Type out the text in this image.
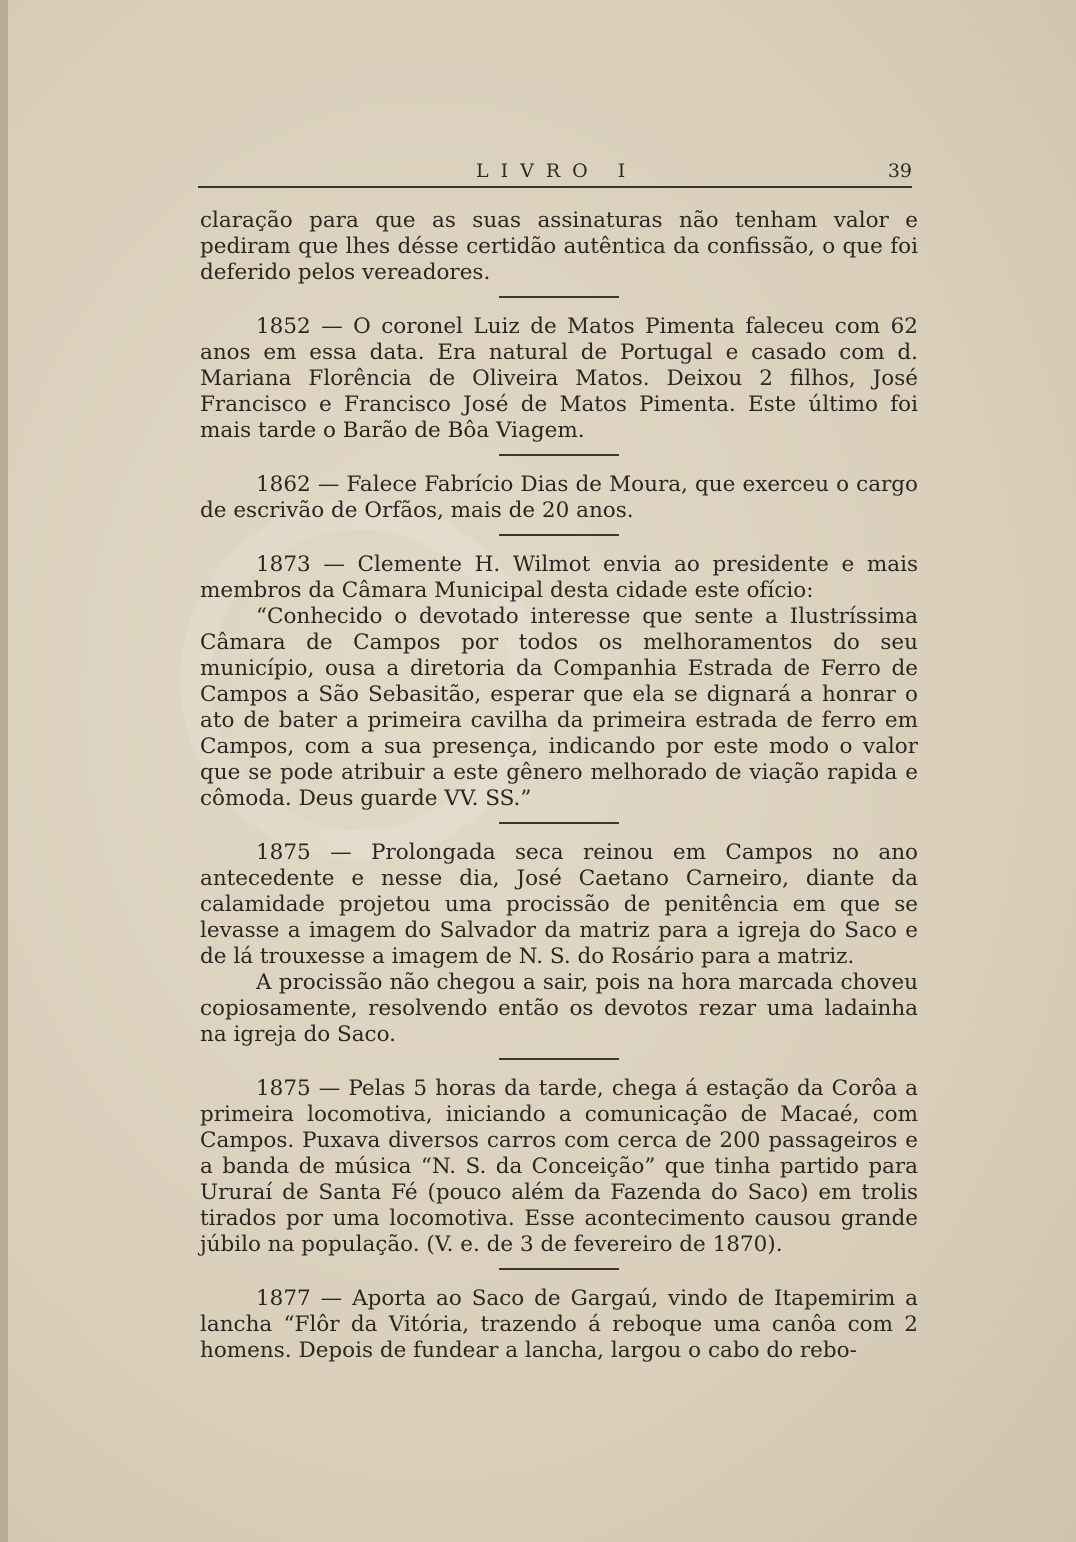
LIVRO I	39

claração para que as suas assinaturas não tenham valor e pediram que lhes désse certidão autêntica da confissão, o que foi deferido pelos vereadores.

1852 — O coronel Luiz de Matos Pimenta faleceu com 62 anos em essa data. Era natural de Portugal e casado com d. Mariana Florência de Oliveira Matos. Deixou 2 filhos, José Francisco e Francisco José de Matos Pimenta. Este último foi mais tarde o Barão de Bôa Viagem.

1862 — Falece Fabrício Dias de Moura, que exerceu o cargo de escrivão de Orfãos, mais de 20 anos.

1873 — Clemente H. Wilmot envia ao presidente e mais membros da Câmara Municipal desta cidade este ofício:

“Conhecido o devotado interesse que sente a Ilustríssima Câmara de Campos por todos os melhoramentos do seu município, ousa a diretoria da Companhia Estrada de Ferro de Campos a São Sebasitão, esperar que ela se dignará a honrar o ato de bater a primeira cavilha da primeira estrada de ferro em Campos, com a sua presença, indicando por este modo o valor que se pode atribuir a este gênero melhorado de viação rapida e cômoda. Deus guarde VV. SS.”

1875 — Prolongada seca reinou em Campos no ano antecedente e nesse dia, José Caetano Carneiro, diante da calamidade projetou uma procissão de penitência em que se levasse a imagem do Salvador da matriz para a igreja do Saco e de lá trouxesse a imagem de N. S. do Rosário para a matriz.

A procissão não chegou a sair, pois na hora marcada choveu copiosamente, resolvendo então os devotos rezar uma ladainha na igreja do Saco.

1875 — Pelas 5 horas da tarde, chega á estação da Corôa a primeira locomotiva, iniciando a comunicação de Macaé, com Campos. Puxava diversos carros com cerca de 200 passageiros e a banda de música “N. S. da Conceição” que tinha partido para Ururaí de Santa Fé (pouco além da Fazenda do Saco) em trolis tirados por uma locomotiva. Esse acontecimento causou grande júbilo na população. (V. e. de 3 de fevereiro de 1870).

1877 — Aporta ao Saco de Gargaú, vindo de Itapemirim a lancha “Flôr da Vitória, trazendo á reboque uma canôa com 2 homens. Depois de fundear a lancha, largou o cabo do rebo-
